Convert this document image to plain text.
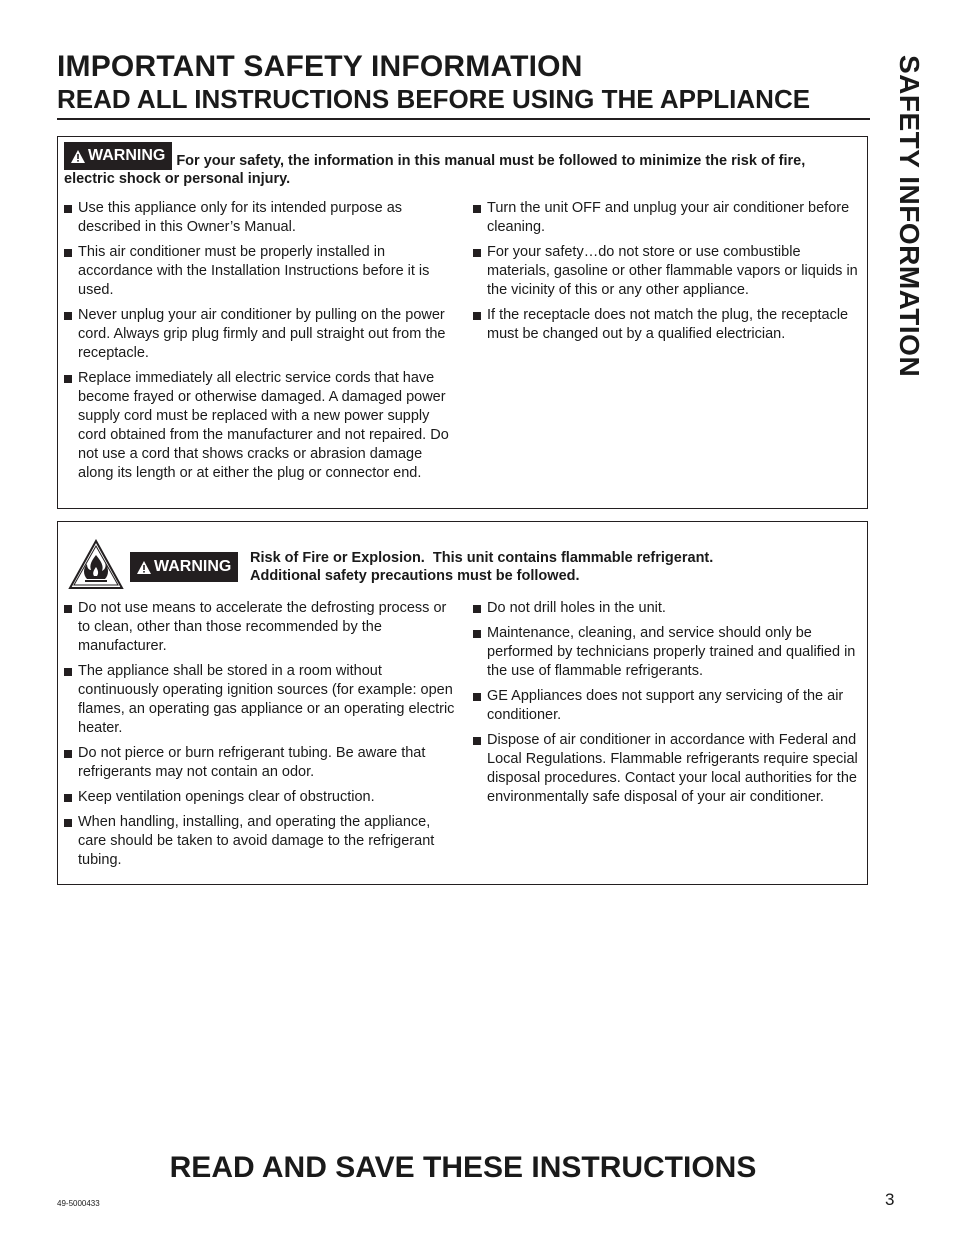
IMPORTANT SAFETY INFORMATION
READ ALL INSTRUCTIONS BEFORE USING THE APPLIANCE	SAFETY INFORMATION
WARNING For your safety, the information in this manual must be followed to minimize the risk of fire, electric shock or personal injury.
Use this appliance only for its intended purpose as described in this Owner’s Manual.
This air conditioner must be properly installed in accordance with the Installation Instructions before it is used.
Never unplug your air conditioner by pulling on the power cord. Always grip plug firmly and pull straight out from the receptacle.
Replace immediately all electric service cords that have become frayed or otherwise damaged. A damaged power supply cord must be replaced with a new power supply cord obtained from the manufacturer and not repaired. Do not use a cord that shows cracks or abrasion damage along its length or at either the plug or connector end.
Turn the unit OFF and unplug your air conditioner before cleaning.
For your safety…do not store or use combustible materials, gasoline or other flammable vapors or liquids in the vicinity of this or any other appliance.
If the receptacle does not match the plug, the receptacle must be changed out by a qualified electrician.
WARNING Risk of Fire or Explosion.  This unit contains flammable refrigerant.
Additional safety precautions must be followed.
Do not use means to accelerate the defrosting process or to clean, other than those recommended by the manufacturer.
The appliance shall be stored in a room without continuously operating ignition sources (for example: open flames, an operating gas appliance or an operating electric heater.
Do not pierce or burn refrigerant tubing. Be aware that refrigerants may not contain an odor.
Keep ventilation openings clear of obstruction.
When handling, installing, and operating the appliance, care should be taken to avoid damage to the refrigerant tubing.
Do not drill holes in the unit.
Maintenance, cleaning, and service should only be performed by technicians properly trained and qualified in the use of flammable refrigerants.
GE Appliances does not support any servicing of the air conditioner.
Dispose of air conditioner in accordance with Federal and Local Regulations. Flammable refrigerants require special disposal procedures. Contact your local authorities for the environmentally safe disposal of your air conditioner.
READ AND SAVE THESE INSTRUCTIONS
49-5000433	3
